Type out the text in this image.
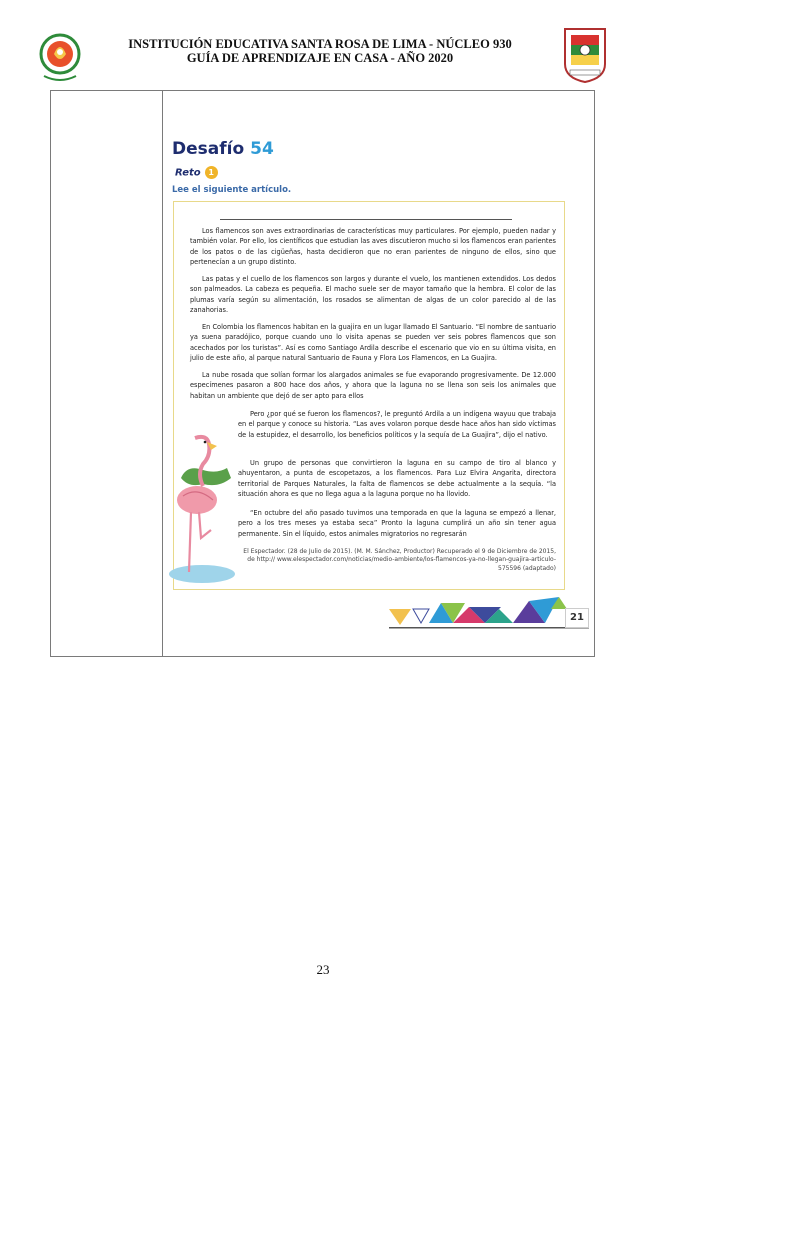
INSTITUCIÓN EDUCATIVA SANTA ROSA DE LIMA - NÚCLEO 930
GUÍA DE APRENDIZAJE EN CASA - AÑO 2020
Desafío 54
Reto 1
Lee el siguiente artículo.

Los flamencos son aves extraordinarias de características muy particulares. Por ejemplo, pueden nadar y también volar. Por ello, los científicos que estudian las aves discutieron mucho si los flamencos eran parientes de los patos o de las cigüeñas, hasta decidieron que no eran parientes de ninguno de ellos, sino que pertenecían a un grupo distinto.

Las patas y el cuello de los flamencos son largos y durante el vuelo, los mantienen extendidos. Los dedos son palmeados. La cabeza es pequeña. El macho suele ser de mayor tamaño que la hembra. El color de las plumas varía según su alimentación, los rosados se alimentan de algas de un color parecido al de las zanahorias.

En Colombia los flamencos habitan en la guajira en un lugar llamado El Santuario. “El nombre de santuario ya suena paradójico, porque cuando uno lo visita apenas se pueden ver seis pobres flamencos que son acechados por los turistas”. Así es como Santiago Ardila describe el escenario que vio en su última visita, en julio de este año, al parque natural Santuario de Fauna y Flora Los Flamencos, en La Guajira.

La nube rosada que solían formar los alargados animales se fue evaporando progresivamente. De 12.000 especímenes pasaron a 800 hace dos años, y ahora que la laguna no se llena son seis los animales que habitan un ambiente que dejó de ser apto para ellos

Pero ¿por qué se fueron los flamencos?, le preguntó Ardila a un indígena wayuu que trabaja en el parque y conoce su historia. “Las aves volaron porque desde hace años han sido víctimas de la estupidez, el desarrollo, los beneficios políticos y la sequía de La Guajira”, dijo el nativo.

Un grupo de personas que convirtieron la laguna en su campo de tiro al blanco y ahuyentaron, a punta de escopetazos, a los flamencos. Para Luz Elvira Angarita, directora territorial de Parques Naturales, la falta de flamencos se debe actualmente a la sequía. “la situación ahora es que no llega agua a la laguna porque no ha llovido.

“En octubre del año pasado tuvimos una temporada en que la laguna se empezó a llenar, pero a los tres meses ya estaba seca” Pronto la laguna cumplirá un año sin tener agua permanente. Sin el líquido, estos animales migratorios no regresarán

El Espectador. (28 de Julio de 2015). (M. M. Sánchez, Productor) Recuperado el 9 de Diciembre de 2015, de http:// www.elespectador.com/noticias/medio-ambiente/los-flamencos-ya-no-llegan-guajira-articulo-575596 (adaptado)

21
23
